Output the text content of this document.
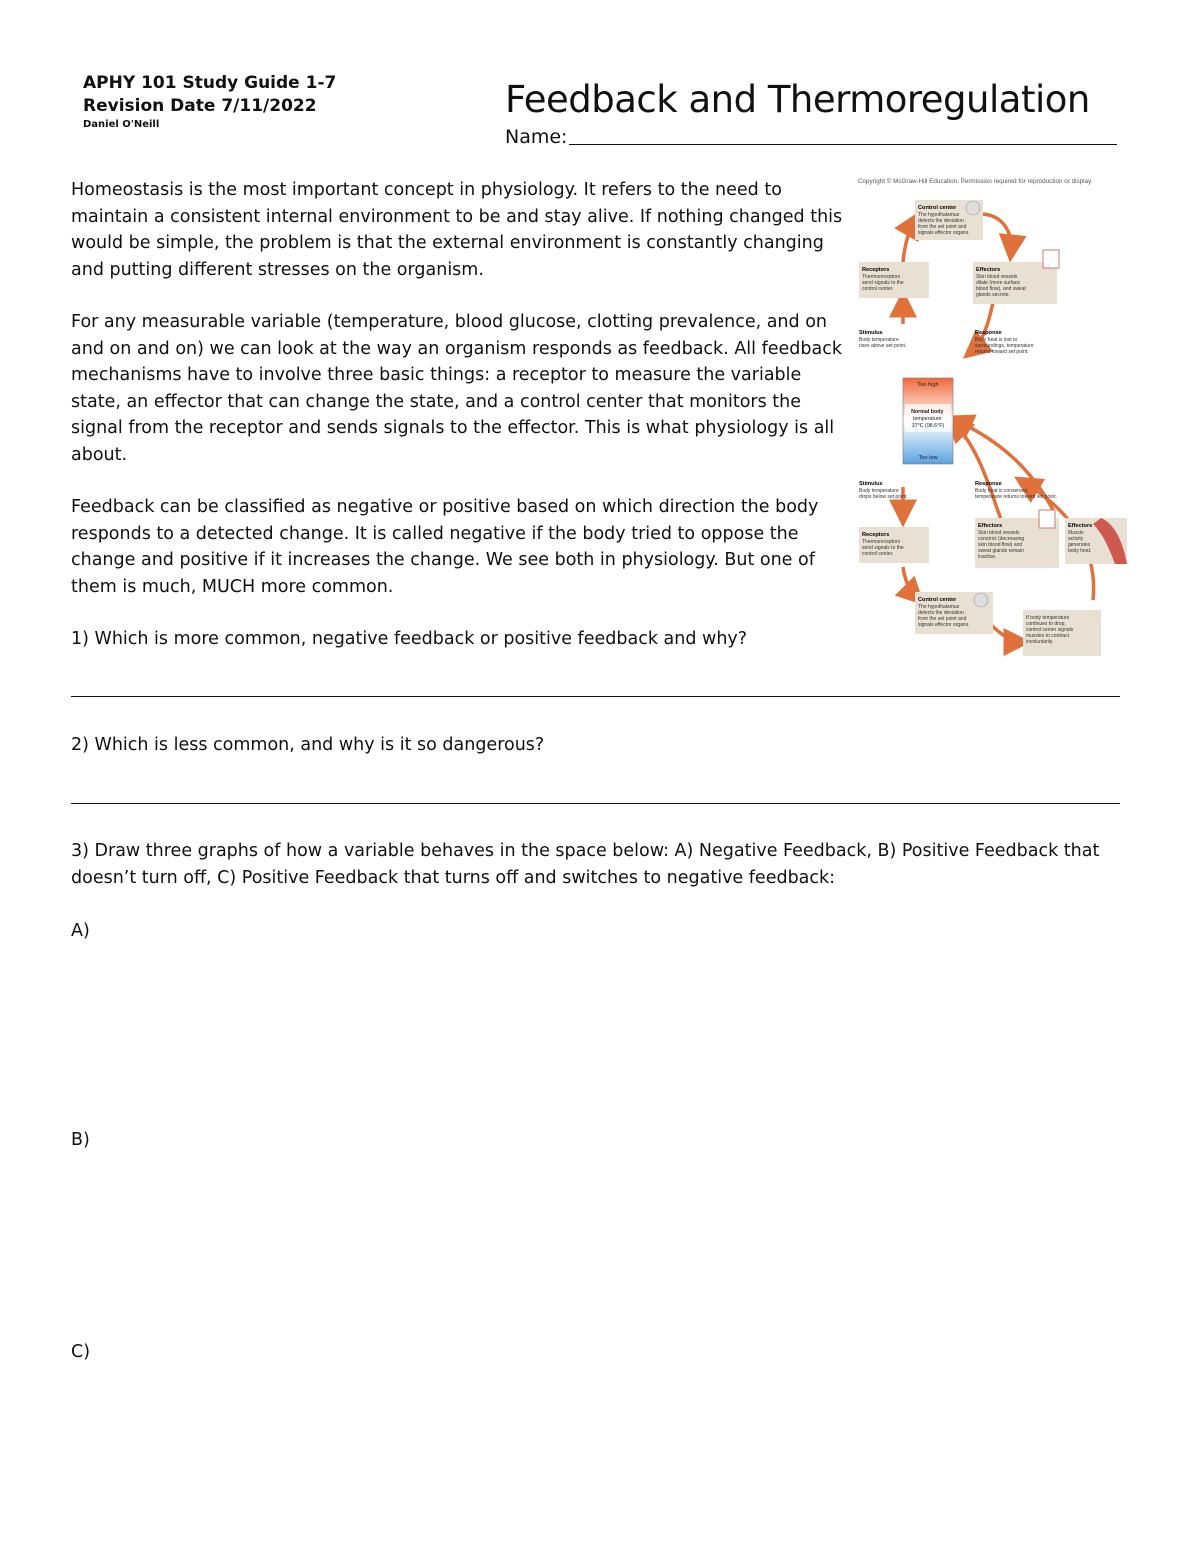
APHY 101 Study Guide 1-7
Revision Date 7/11/2022
Daniel O'Neill
Feedback and Thermoregulation
Name:

Homeostasis is the most important concept in physiology. It refers to the need to maintain a consistent internal environment to be and stay alive. If nothing changed this would be simple, the problem is that the external environment is constantly changing and putting different stresses on the organism.

For any measurable variable (temperature, blood glucose, clotting prevalence, and on and on and on) we can look at the way an organism responds as feedback. All feedback mechanisms have to involve three basic things: a receptor to measure the variable state, an effector that can change the state, and a control center that monitors the signal from the receptor and sends signals to the effector. This is what physiology is all about.

Feedback can be classified as negative or positive based on which direction the body responds to a detected change. It is called negative if the body tried to oppose the change and positive if it increases the change. We see both in physiology. But one of them is much, MUCH more common.

1) Which is more common, negative feedback or positive feedback and why?
2) Which is less common, and why is it so dangerous?
3) Draw three graphs of how a variable behaves in the space below: A) Negative Feedback, B) Positive Feedback that
doesn’t turn off, C) Positive Feedback that turns off and switches to negative feedback:
A)
B)
C)
Copyright © McGraw-Hill Education. Permission required for reproduction or display.
Control center
The hypothalamus detects the deviation from the set point and signals effector organs.
Receptors
Thermoreceptors send signals to the control center.
Effectors
Skin blood vessels dilate (more surface blood flow), and sweat glands secrete.
Stimulus
Body temperature rises above set point.
Response
Body heat is lost to surroundings, temperature returns toward set point.
Too high
Normal body temperature 37°C (98.6°F)
Too low
Stimulus
Body temperature drops below set point.
Response
Body heat is conserved, temperature returns toward set point.
Receptors
Thermoreceptors send signals to the control center.
Effectors
Skin blood vessels constrict (decreasing skin blood flow) and sweat glands remain inactive.
Effectors
Muscle activity generates body heat.
Control center
The hypothalamus detects the deviation from the set point and signals effector organs.
If body temperature continues to drop, control center signals muscles to contract involuntarily.
